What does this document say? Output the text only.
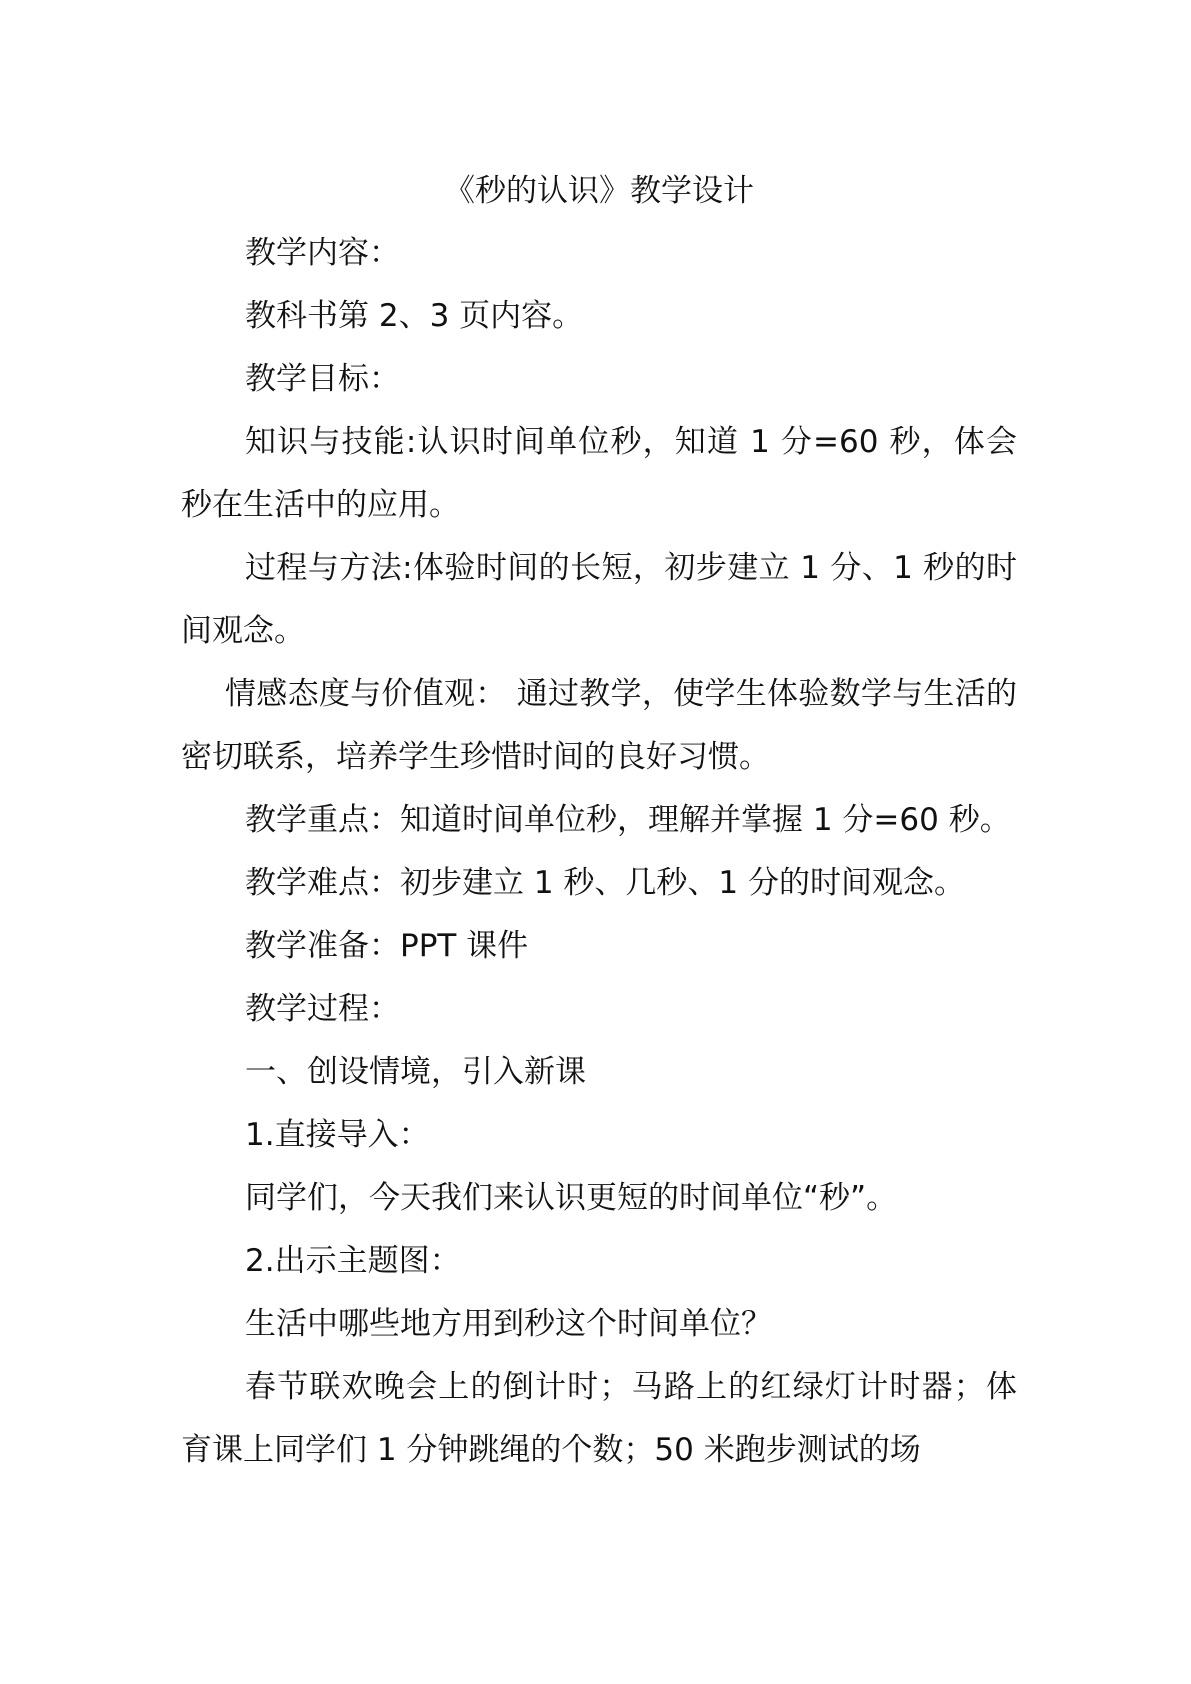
《秒的认识》教学设计

教学内容：

教科书第 2、3 页内容。

教学目标：

知识与技能:认识时间单位秒，知道 1 分=60 秒，体会秒在生活中的应用。

过程与方法:体验时间的长短，初步建立 1 分、1 秒的时间观念。

情感态度与价值观： 通过教学，使学生体验数学与生活的密切联系，培养学生珍惜时间的良好习惯。

教学重点：知道时间单位秒，理解并掌握 1 分=60 秒。

教学难点：初步建立 1 秒、几秒、1 分的时间观念。

教学准备：PPT 课件

教学过程：

一、创设情境，引入新课

1.直接导入：

同学们，今天我们来认识更短的时间单位“秒”。

2.出示主题图：

生活中哪些地方用到秒这个时间单位？

春节联欢晚会上的倒计时；马路上的红绿灯计时器；体育课上同学们 1 分钟跳绳的个数；50 米跑步测试的场
